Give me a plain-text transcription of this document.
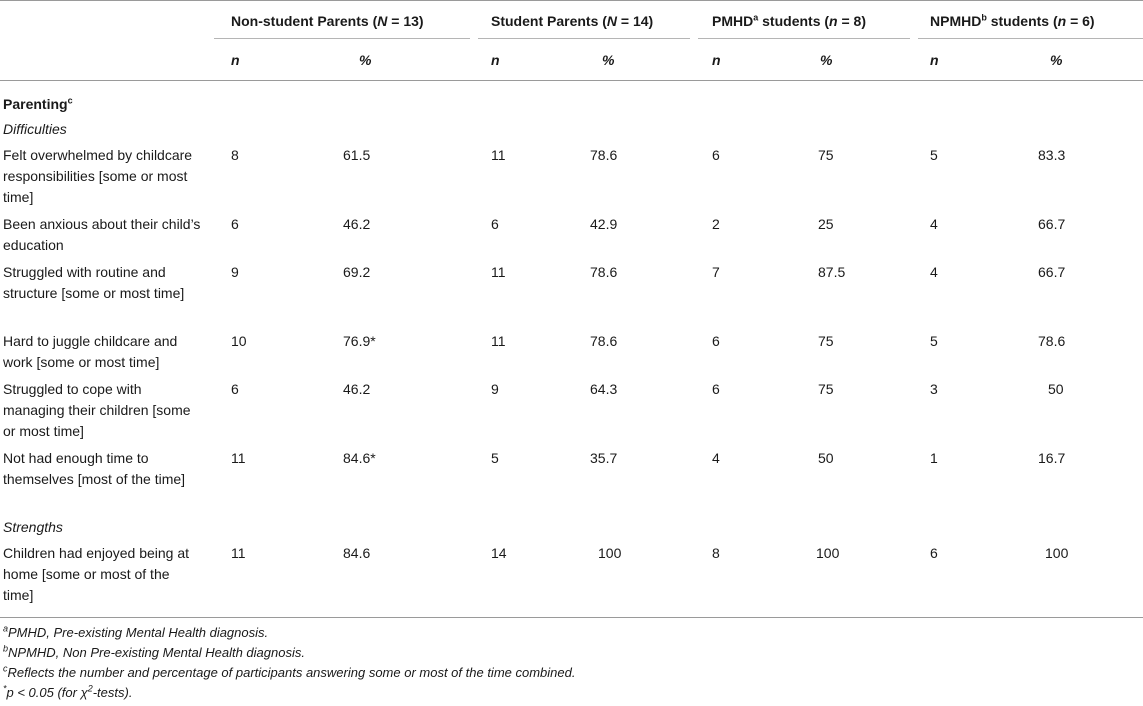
Non-student Parents (N = 13)	Student Parents (N = 14)	PMHD$^a$ students (n = 8)	NPMHD$^b$ students (n = 6)
n	%	n	%	n	%	n	%
Parenting$^c$
Difficulties
Felt overwhelmed by childcare responsibilities [some or most time]
8	61.5	11	78.6	6	75	5	83.3
Been anxious about their child’s education
6	46.2	6	42.9	2	25	4	66.7
Struggled with routine and structure [some or most time]
9	69.2	11	78.6	7	87.5	4	66.7
Hard to juggle childcare and work [some or most time]
10	76.9*	11	78.6	6	75	5	78.6
Struggled to cope with managing their children [some or most time]
6	46.2	9	64.3	6	75	3	50
Not had enough time to themselves [most of the time]
11	84.6*	5	35.7	4	50	1	16.7
Strengths
Children had enjoyed being at home [some or most of the time]
11	84.6	14	100	8	100	6	100
$^a$PMHD, Pre-existing Mental Health diagnosis.
$^b$NPMHD, Non Pre-existing Mental Health diagnosis.
$^c$Reflects the number and percentage of participants answering some or most of the time combined.
*p < 0.05 (for $\chi^2-tests$).
